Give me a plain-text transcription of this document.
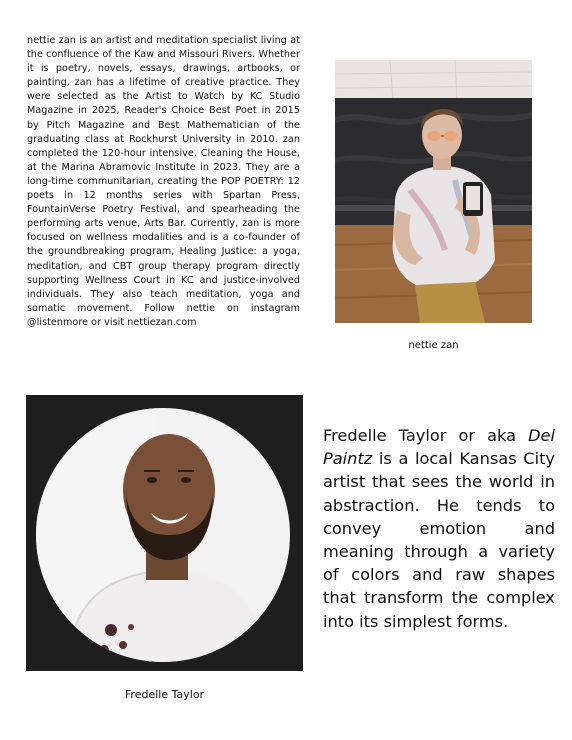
nettie zan is an artist and meditation specialist living at the confluence of the Kaw and Missouri Rivers. Whether it is poetry, novels, essays, drawings, artbooks, or painting, zan has a lifetime of creative practice. They were selected as the Artist to Watch by KC Studio Magazine in 2025, Reader's Choice Best Poet in 2015 by Pitch Magazine and Best Mathematician of the graduating class at Rockhurst University in 2010. zan completed the 120-hour intensive, Cleaning the House, at the Marina Abramovic Institute in 2023. They are a long-time communitarian, creating the POP POETRY: 12 poets in 12 months series with Spartan Press, FountainVerse Poetry Festival, and spearheading the performing arts venue, Arts Bar. Currently, zan is more focused on wellness modalities and is a co-founder of the groundbreaking program, Healing Justice: a yoga, meditation, and CBT group therapy program directly supporting Wellness Court in KC and justice-involved individuals. They also teach meditation, yoga and somatic movement. Follow nettie on instagram @listenmore or visit nettiezan.com
nettie zan
Fredelle Taylor
Fredelle Taylor or aka Del Paintz is a local Kansas City artist that sees the world in abstraction. He tends to convey emotion and meaning through a variety of colors and raw shapes that transform the complex into its simplest forms.
